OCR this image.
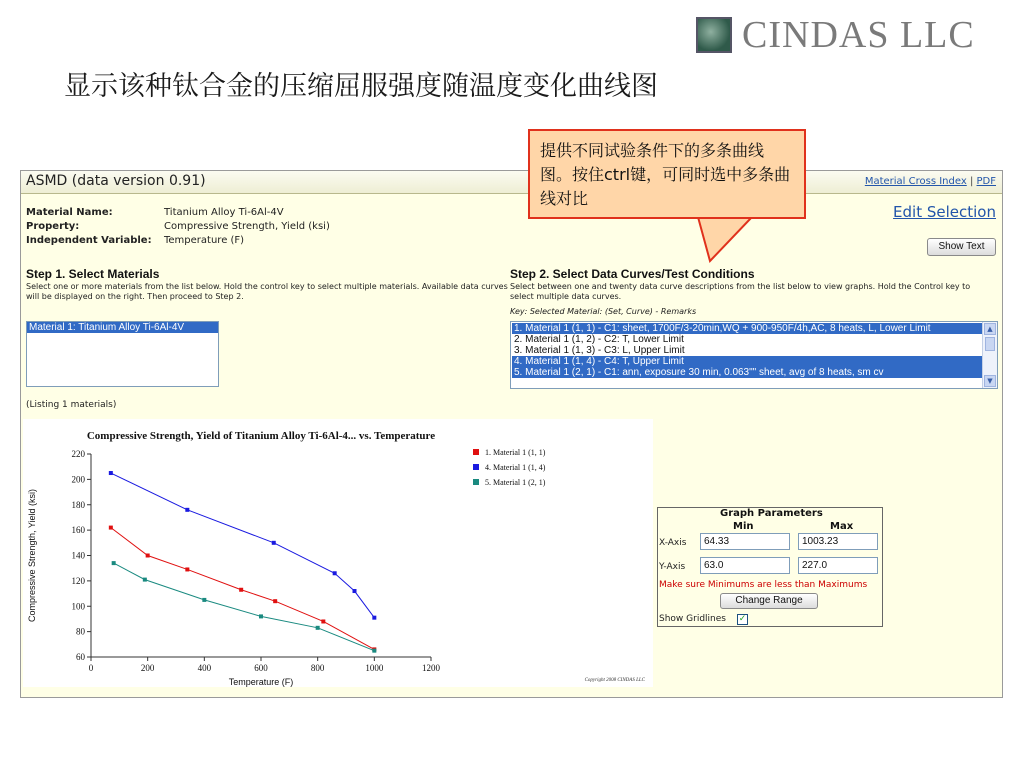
CINDAS LLC
显示该种钛合金的压缩屈服强度随温度变化曲线图
ASMD (data version 0.91)	Material Cross Index | PDF
Material Name:	Titanium Alloy Ti-6Al-4V
Property:	Compressive Strength, Yield (ksi)
Independent Variable: Temperature (F)
Edit Selection
Show Text
Step 1. Select Materials
Select one or more materials from the list below. Hold the control key to select multiple materials. Available data curves will be displayed on the right. Then proceed to Step 2.
Material 1: Titanium Alloy Ti-6Al-4V
(Listing 1 materials)
Step 2. Select Data Curves/Test Conditions
Select between one and twenty data curve descriptions from the list below to view graphs. Hold the Control key to select multiple data curves.
Key: Selected Material: (Set, Curve) - Remarks
1. Material 1 (1, 1) - C1: sheet, 1700F/3-20min,WQ + 900-950F/4h,AC, 8 heats, L, Lower Limit
2. Material 1 (1, 2) - C2: T, Lower Limit
3. Material 1 (1, 3) - C3: L, Upper Limit
4. Material 1 (1, 4) - C4: T, Upper Limit
5. Material 1 (2, 1) - C1: ann, exposure 30 min, 0.063"" sheet, avg of 8 heats, sm cv
▲
▼
Compressive Strength, Yield of Titanium Alloy Ti-6Al-4... vs. Temperature
60
80
100
120
140
160
180
200
220
0	200	400	600	800	1000	1200
Temperature (F)
Compressive Strength, Yield (ksi)
1. Material 1 (1, 1)
4. Material 1 (1, 4)
5. Material 1 (2, 1)
Copyright 2008 CINDAS LLC
Graph Parameters
Min	Max
X-Axis	64.33	1003.23
Y-Axis	63.0	227.0
Make sure Minimums are less than Maximums
Change Range
Show Gridlines ✓
提供不同试验条件下的多条曲线图。按住ctrl键，可同时选中多条曲线对比
